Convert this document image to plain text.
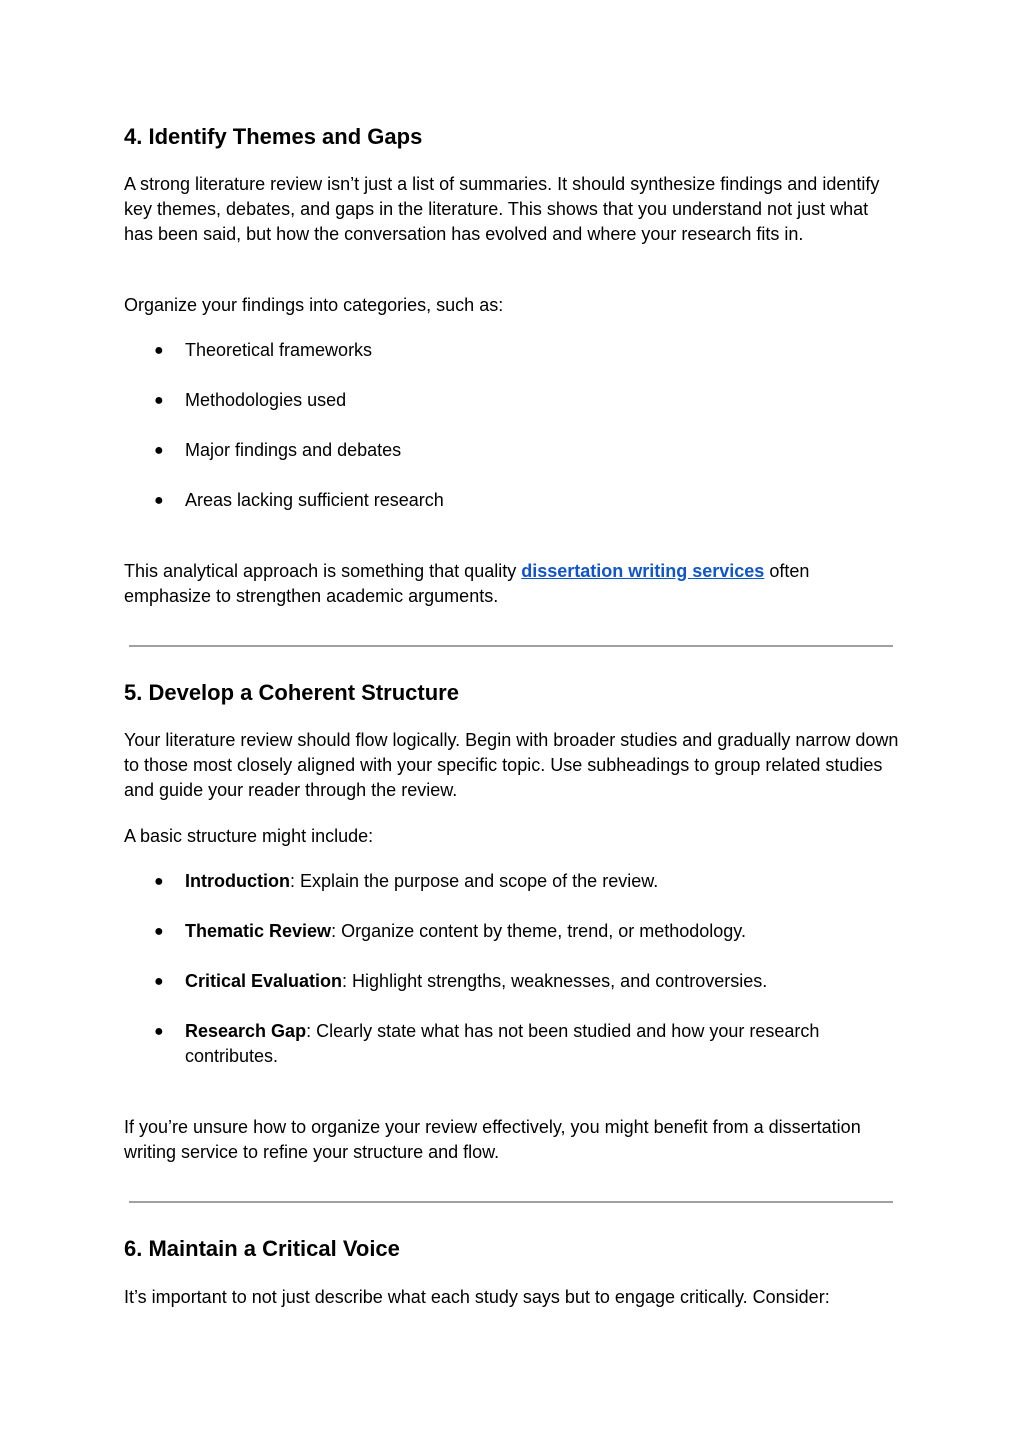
4. Identify Themes and Gaps

A strong literature review isn’t just a list of summaries. It should synthesize findings and identify key themes, debates, and gaps in the literature. This shows that you understand not just what has been said, but how the conversation has evolved and where your research fits in.

Organize your findings into categories, such as:

●	Theoretical frameworks
●	Methodologies used
●	Major findings and debates
●	Areas lacking sufficient research

This analytical approach is something that quality dissertation writing services often emphasize to strengthen academic arguments.

5. Develop a Coherent Structure

Your literature review should flow logically. Begin with broader studies and gradually narrow down to those most closely aligned with your specific topic. Use subheadings to group related studies and guide your reader through the review.

A basic structure might include:

●	Introduction: Explain the purpose and scope of the review.
●	Thematic Review: Organize content by theme, trend, or methodology.
●	Critical Evaluation: Highlight strengths, weaknesses, and controversies.
●	Research Gap: Clearly state what has not been studied and how your research contributes.

If you’re unsure how to organize your review effectively, you might benefit from a dissertation writing service to refine your structure and flow.

6. Maintain a Critical Voice

It’s important to not just describe what each study says but to engage critically. Consider:
